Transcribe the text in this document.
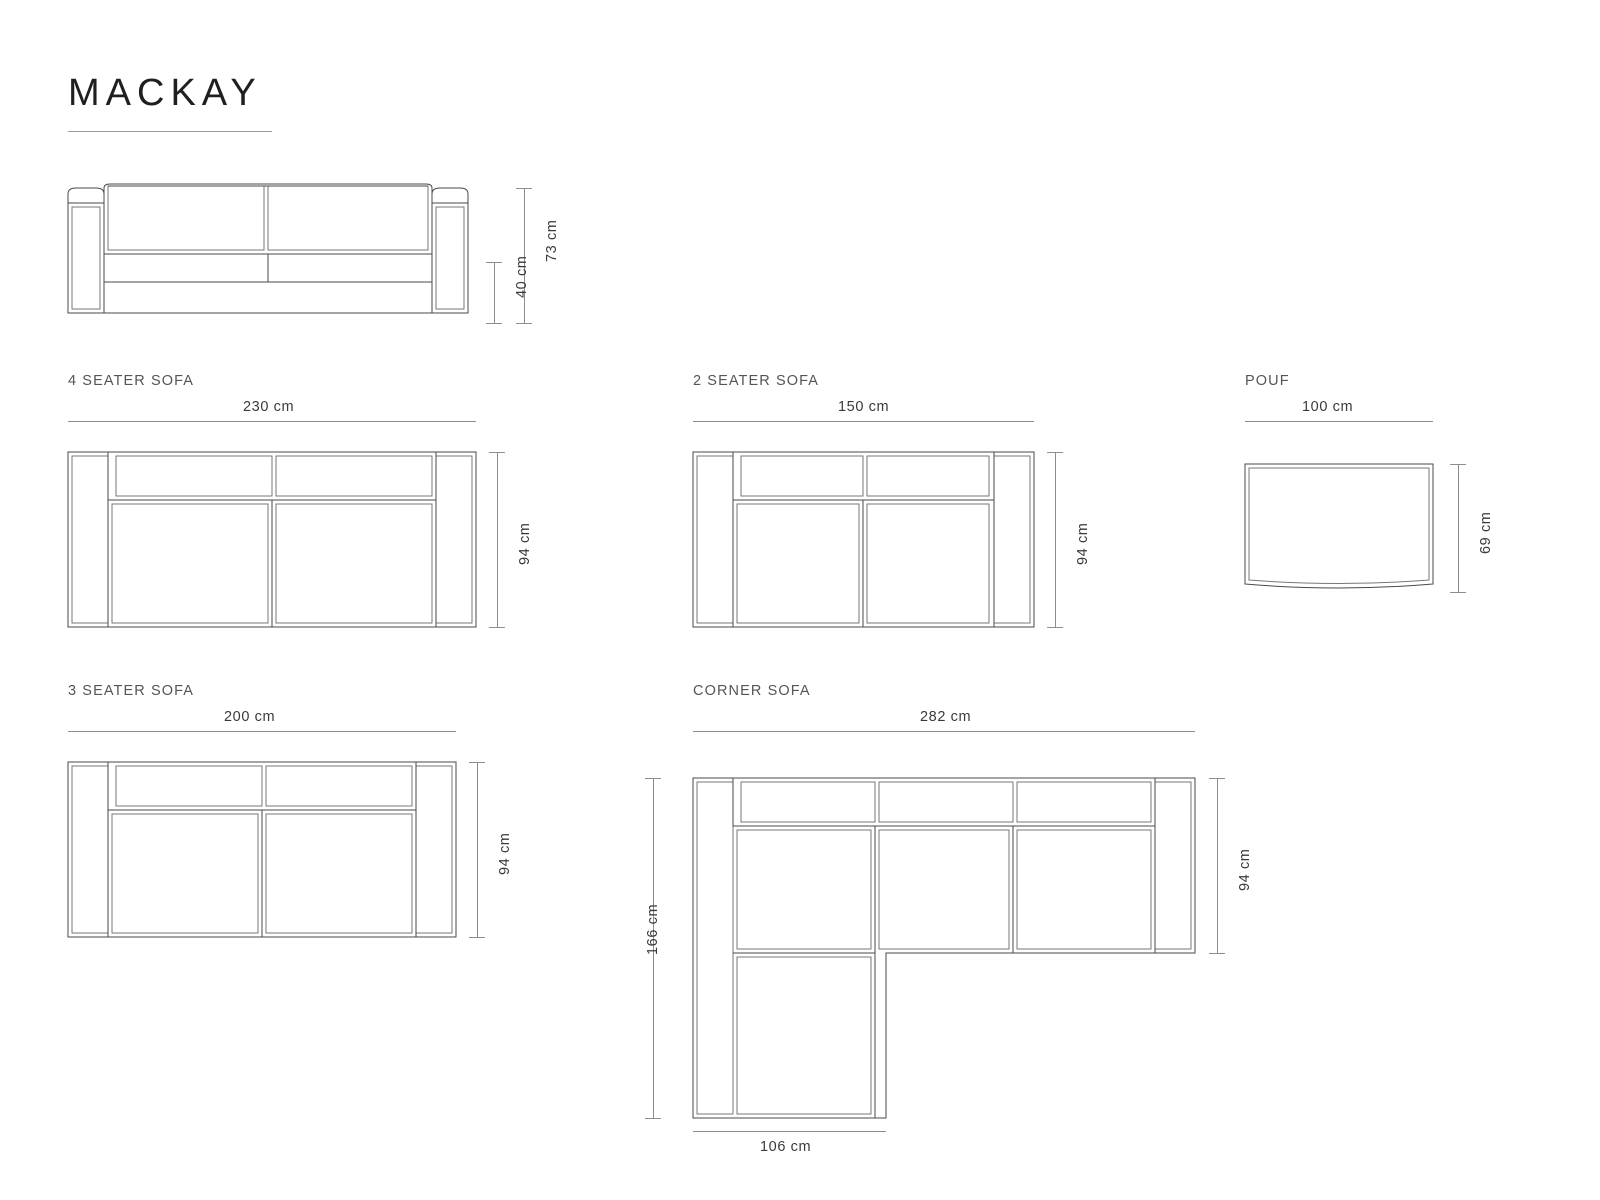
MACKAY
73 cm
40 cm
4 SEATER SOFA
230 cm
94 cm
2 SEATER SOFA
150 cm
94 cm
POUF
100 cm
69 cm
3 SEATER SOFA
200 cm
94 cm
CORNER SOFA
282 cm
94 cm
166 cm
106 cm
